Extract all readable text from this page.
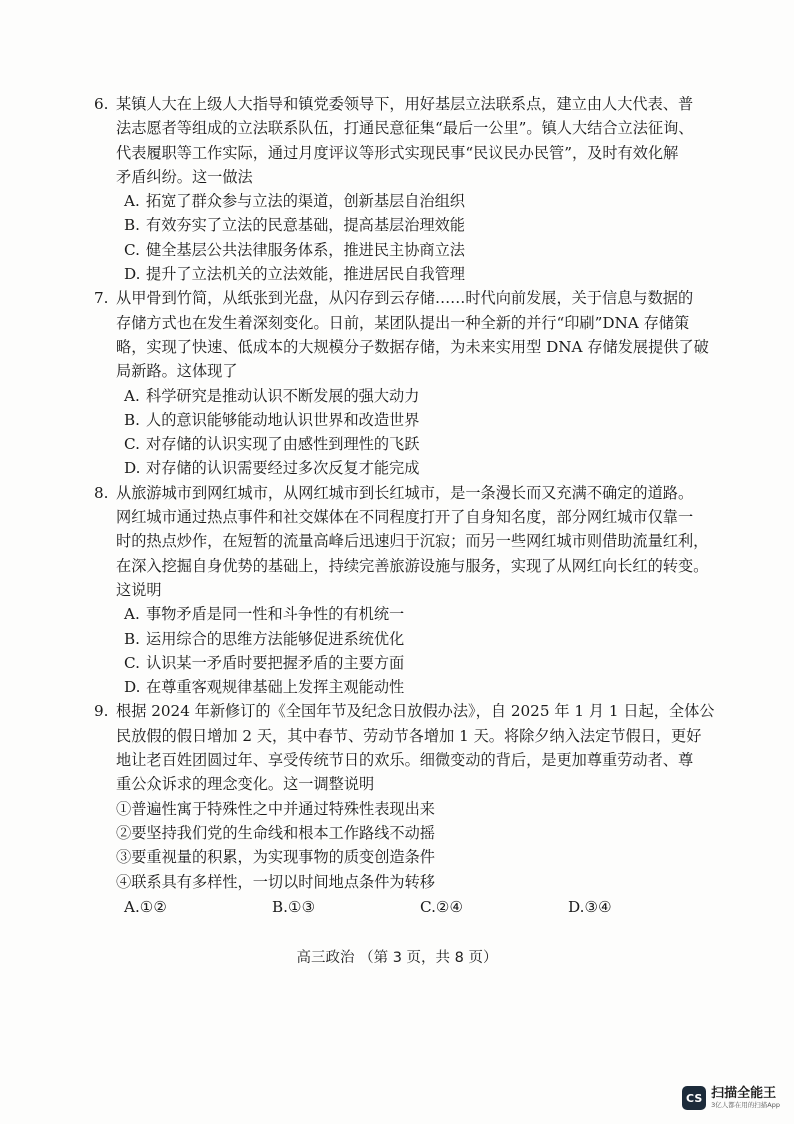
6. 某镇人大在上级人大指导和镇党委领导下，用好基层立法联系点，建立由人大代表、普
法志愿者等组成的立法联系队伍，打通民意征集“最后一公里”。镇人大结合立法征询、
代表履职等工作实际，通过月度评议等形式实现民事“民议民办民管”，及时有效化解
矛盾纠纷。这一做法
A. 拓宽了群众参与立法的渠道，创新基层自治组织
B. 有效夯实了立法的民意基础，提高基层治理效能
C. 健全基层公共法律服务体系，推进民主协商立法
D. 提升了立法机关的立法效能，推进居民自我管理
7. 从甲骨到竹简，从纸张到光盘，从闪存到云存储……时代向前发展，关于信息与数据的
存储方式也在发生着深刻变化。日前，某团队提出一种全新的并行“印刷”DNA 存储策
略，实现了快速、低成本的大规模分子数据存储，为未来实用型 DNA 存储发展提供了破
局新路。这体现了
A. 科学研究是推动认识不断发展的强大动力
B. 人的意识能够能动地认识世界和改造世界
C. 对存储的认识实现了由感性到理性的飞跃
D. 对存储的认识需要经过多次反复才能完成
8. 从旅游城市到网红城市，从网红城市到长红城市，是一条漫长而又充满不确定的道路。
网红城市通过热点事件和社交媒体在不同程度打开了自身知名度，部分网红城市仅靠一
时的热点炒作，在短暂的流量高峰后迅速归于沉寂；而另一些网红城市则借助流量红利，
在深入挖掘自身优势的基础上，持续完善旅游设施与服务，实现了从网红向长红的转变。
这说明
A. 事物矛盾是同一性和斗争性的有机统一
B. 运用综合的思维方法能够促进系统优化
C. 认识某一矛盾时要把握矛盾的主要方面
D. 在尊重客观规律基础上发挥主观能动性
9. 根据 2024 年新修订的《全国年节及纪念日放假办法》，自 2025 年 1 月 1 日起，全体公
民放假的假日增加 2 天，其中春节、劳动节各增加 1 天。将除夕纳入法定节假日，更好
地让老百姓团圆过年、享受传统节日的欢乐。细微变动的背后，是更加尊重劳动者、尊
重公众诉求的理念变化。这一调整说明
①普遍性寓于特殊性之中并通过特殊性表现出来
②要坚持我们党的生命线和根本工作路线不动摇
③要重视量的积累，为实现事物的质变创造条件
④联系具有多样性，一切以时间地点条件为转移
A.①②	B.①③	C.②④	D.③④
高三政治 （第 3 页，共 8 页）
CS 扫描全能王
3亿人都在用的扫描App
